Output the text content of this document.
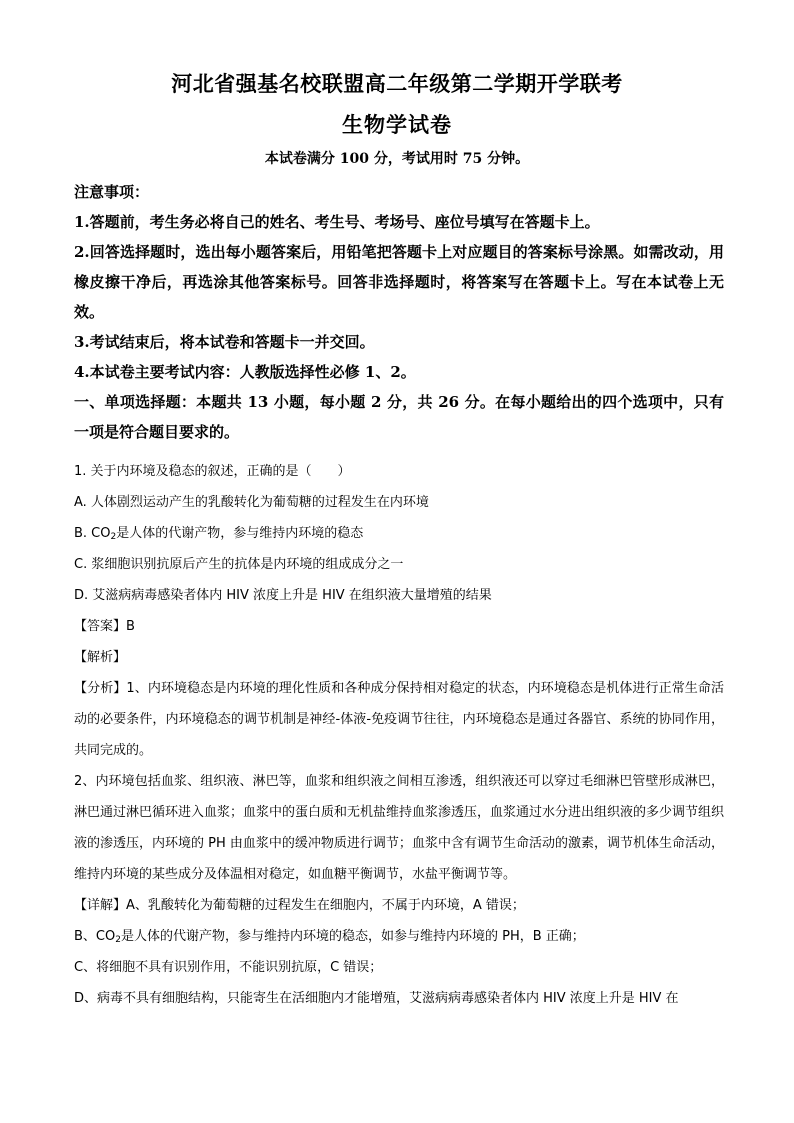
河北省强基名校联盟高二年级第二学期开学联考
生物学试卷
本试卷满分 100 分，考试用时 75 分钟。

注意事项：

1.答题前，考生务必将自己的姓名、考生号、考场号、座位号填写在答题卡上。

2.回答选择题时，选出每小题答案后，用铅笔把答题卡上对应题目的答案标号涂黑。如需改动，用橡皮擦干净后，再选涂其他答案标号。回答非选择题时，将答案写在答题卡上。写在本试卷上无效。

3.考试结束后，将本试卷和答题卡一并交回。

4.本试卷主要考试内容：人教版选择性必修 1、2。

一、单项选择题：本题共 13 小题，每小题 2 分，共 26 分。在每小题给出的四个选项中，只有一项是符合题目要求的。

1. 关于内环境及稳态的叙述，正确的是（　　）

A. 人体剧烈运动产生的乳酸转化为葡萄糖的过程发生在内环境

B. $CO_2$是人体的代谢产物，参与维持内环境的稳态

C. 浆细胞识别抗原后产生的抗体是内环境的组成成分之一

D. 艾滋病病毒感染者体内 HIV 浓度上升是 HIV 在组织液大量增殖的结果

【答案】B

【解析】

【分析】1、内环境稳态是内环境的理化性质和各种成分保持相对稳定的状态，内环境稳态是机体进行正常生命活动的必要条件，内环境稳态的调节机制是神经-体液-免疫调节往往，内环境稳态是通过各器官、系统的协同作用，共同完成的。

2、内环境包括血浆、组织液、淋巴等，血浆和组织液之间相互渗透，组织液还可以穿过毛细淋巴管壁形成淋巴，淋巴通过淋巴循环进入血浆；血浆中的蛋白质和无机盐维持血浆渗透压，血浆通过水分进出组织液的多少调节组织液的渗透压，内环境的 PH 由血浆中的缓冲物质进行调节；血浆中含有调节生命活动的激素，调节机体生命活动，维持内环境的某些成分及体温相对稳定，如血糖平衡调节，水盐平衡调节等。

【详解】A、乳酸转化为葡萄糖的过程发生在细胞内，不属于内环境，A 错误；

B、$CO_2$是人体的代谢产物，参与维持内环境的稳态，如参与维持内环境的 PH，B 正确；

C、将细胞不具有识别作用，不能识别抗原，C 错误；

D、病毒不具有细胞结构，只能寄生在活细胞内才能增殖，艾滋病病毒感染者体内 HIV 浓度上升是 HIV 在
